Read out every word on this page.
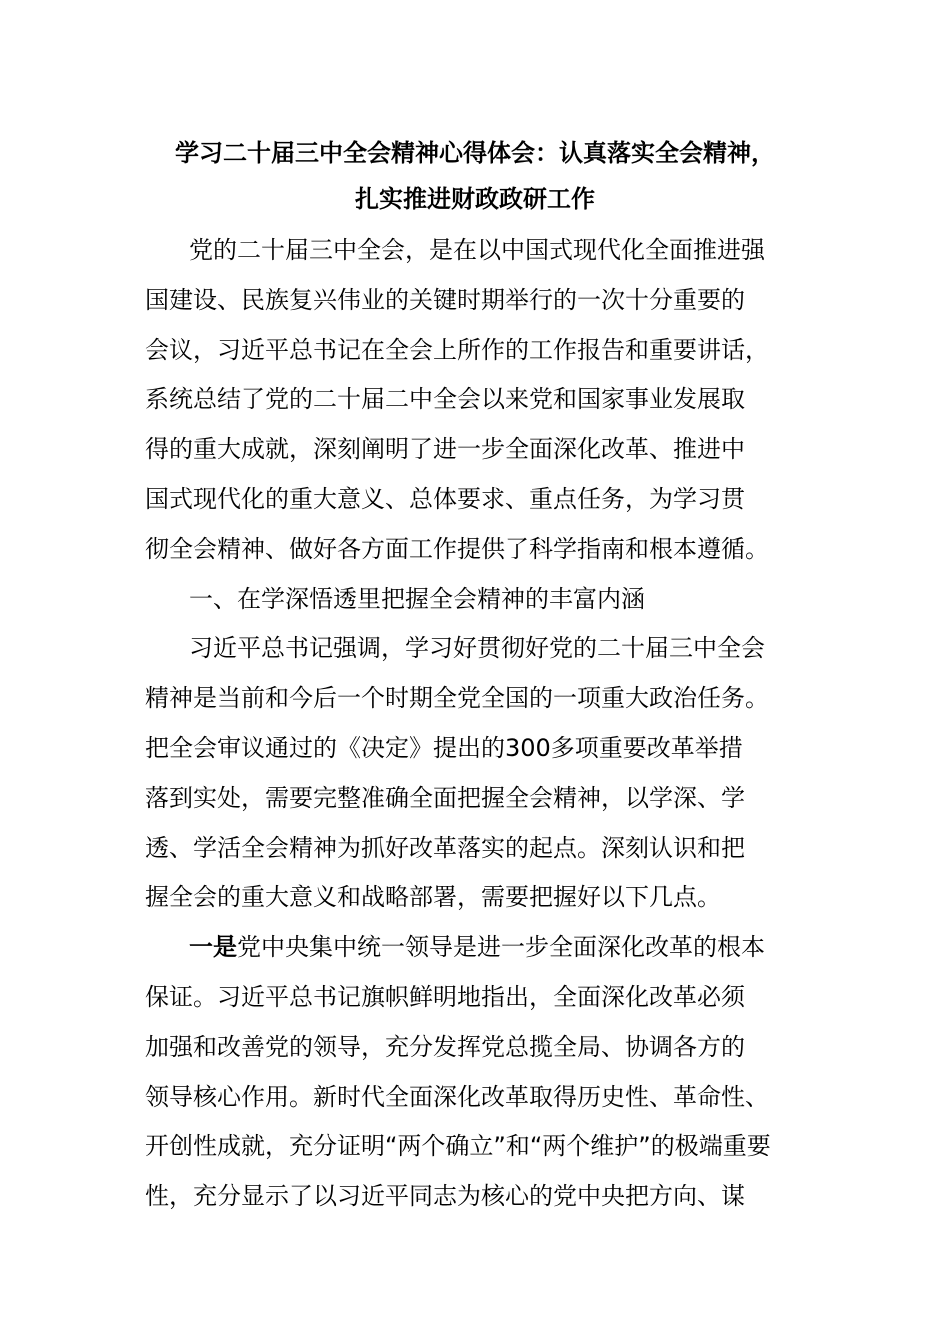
学习二十届三中全会精神心得体会：认真落实全会精神，

扎实推进财政政研工作

党的二十届三中全会，是在以中国式现代化全面推进强
国建设、民族复兴伟业的关键时期举行的一次十分重要的
会议，习近平总书记在全会上所作的工作报告和重要讲话，
系统总结了党的二十届二中全会以来党和国家事业发展取
得的重大成就，深刻阐明了进一步全面深化改革、推进中
国式现代化的重大意义、总体要求、重点任务，为学习贯
彻全会精神、做好各方面工作提供了科学指南和根本遵循。
一、在学深悟透里把握全会精神的丰富内涵
习近平总书记强调，学习好贯彻好党的二十届三中全会
精神是当前和今后一个时期全党全国的一项重大政治任务。
把全会审议通过的《决定》提出的300多项重要改革举措
落到实处，需要完整准确全面把握全会精神，以学深、学
透、学活全会精神为抓好改革落实的起点。深刻认识和把
握全会的重大意义和战略部署，需要把握好以下几点。
一是党中央集中统一领导是进一步全面深化改革的根本
保证。习近平总书记旗帜鲜明地指出，全面深化改革必须
加强和改善党的领导，充分发挥党总揽全局、协调各方的
领导核心作用。新时代全面深化改革取得历史性、革命性、
开创性成就，充分证明“两个确立”和“两个维护”的极端重要
性，充分显示了以习近平同志为核心的党中央把方向、谋
